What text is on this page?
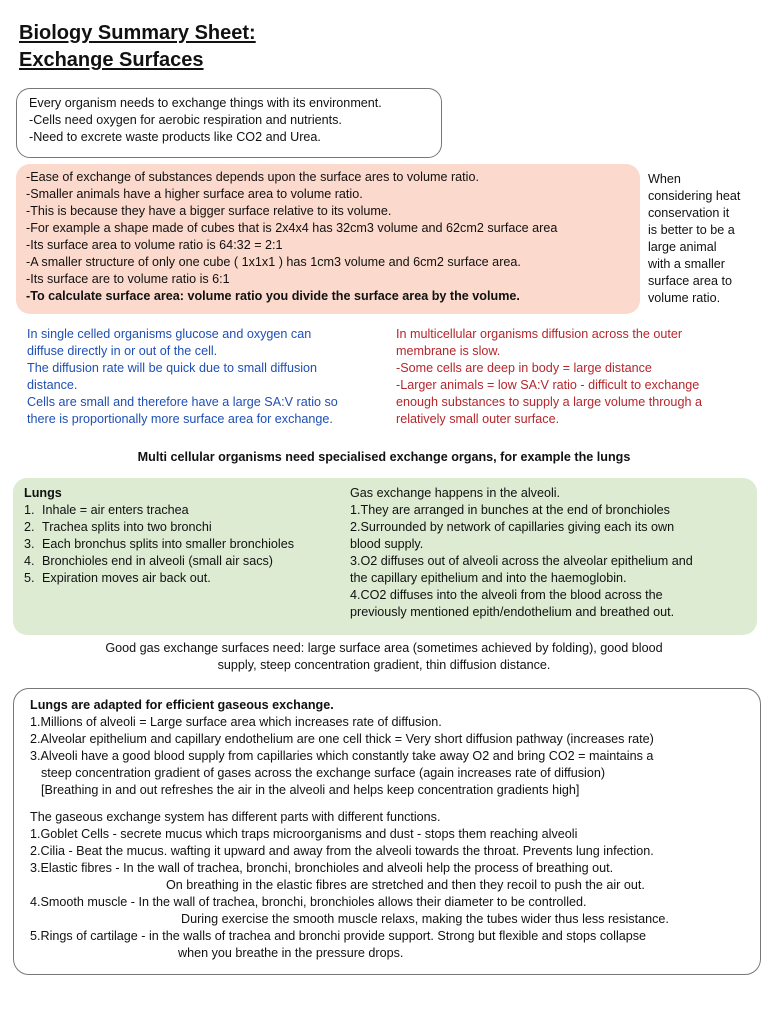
Biology Summary Sheet:
Exchange Surfaces
Every organism needs to exchange things with its environment.
-Cells need oxygen for aerobic respiration and nutrients.
-Need to excrete waste products like CO2 and Urea.
-Ease of exchange of substances depends upon the surface ares to volume ratio.
-Smaller animals have a higher surface area to volume ratio.
-This is because they have a bigger surface relative to its volume.
-For example a shape made of cubes that is 2x4x4 has 32cm3 volume and 62cm2 surface area
-Its surface area to volume ratio is 64:32 = 2:1
-A smaller structure of only one cube ( 1x1x1 ) has 1cm3 volume and 6cm2 surface area.
-Its surface are to volume ratio is 6:1
-To calculate surface area: volume ratio you divide the surface area by the volume.
When
considering heat
conservation it
is better to be a
large animal
with a smaller
surface area to
volume ratio.
In single celled organisms glucose and oxygen can
diffuse directly in or out of the cell.
The diffusion rate will be quick due to small diffusion
distance.
Cells are small and therefore have a large SA:V ratio so
there is proportionally more surface area for exchange.
In multicellular organisms diffusion across the outer
membrane is slow.
-Some cells are deep in body = large distance
-Larger animals = low SA:V ratio - difficult to exchange
enough substances to supply a large volume through a
relatively small outer surface.
Multi cellular organisms need specialised exchange organs, for example the lungs
Lungs
1. Inhale = air enters trachea
2. Trachea splits into two bronchi
3. Each bronchus splits into smaller bronchioles
4. Bronchioles end in alveoli (small air sacs)
5. Expiration moves air back out.
Gas exchange happens in the alveoli.
1.They are arranged in bunches at the end of bronchioles
2.Surrounded by network of capillaries giving each its own
blood supply.
3.O2 diffuses out of alveoli across the alveolar epithelium and
the capillary epithelium and into the haemoglobin.
4.CO2 diffuses into the alveoli from the blood across the
previously mentioned epith/endothelium and breathed out.
Good gas exchange surfaces need: large surface area (sometimes achieved by folding), good blood
supply, steep concentration gradient, thin diffusion distance.
Lungs are adapted for efficient gaseous exchange.
1.Millions of alveoli = Large surface area which increases rate of diffusion.
2.Alveolar epithelium and capillary endothelium are one cell thick = Very short diffusion pathway (increases rate)
3.Alveoli have a good blood supply from capillaries which constantly take away O2 and bring CO2 = maintains a
steep concentration gradient of gases across the exchange surface (again increases rate of diffusion)
[Breathing in and out refreshes the air in the alveoli and helps keep concentration gradients high]
The gaseous exchange system has different parts with different functions.
1.Goblet Cells - secrete mucus which traps microorganisms and dust - stops them reaching alveoli
2.Cilia - Beat the mucus. wafting it upward and away from the alveoli towards the throat. Prevents lung infection.
3.Elastic fibres - In the wall of trachea, bronchi, bronchioles and alveoli help the process of breathing out.
On breathing in the elastic fibres are stretched and then they recoil to push the air out.
4.Smooth muscle - In the wall of trachea, bronchi, bronchioles allows their diameter to be controlled.
During exercise the smooth muscle relaxs, making the tubes wider thus less resistance.
5.Rings of cartilage - in the walls of trachea and bronchi provide support. Strong but flexible and stops collapse
when you breathe in the pressure drops.
